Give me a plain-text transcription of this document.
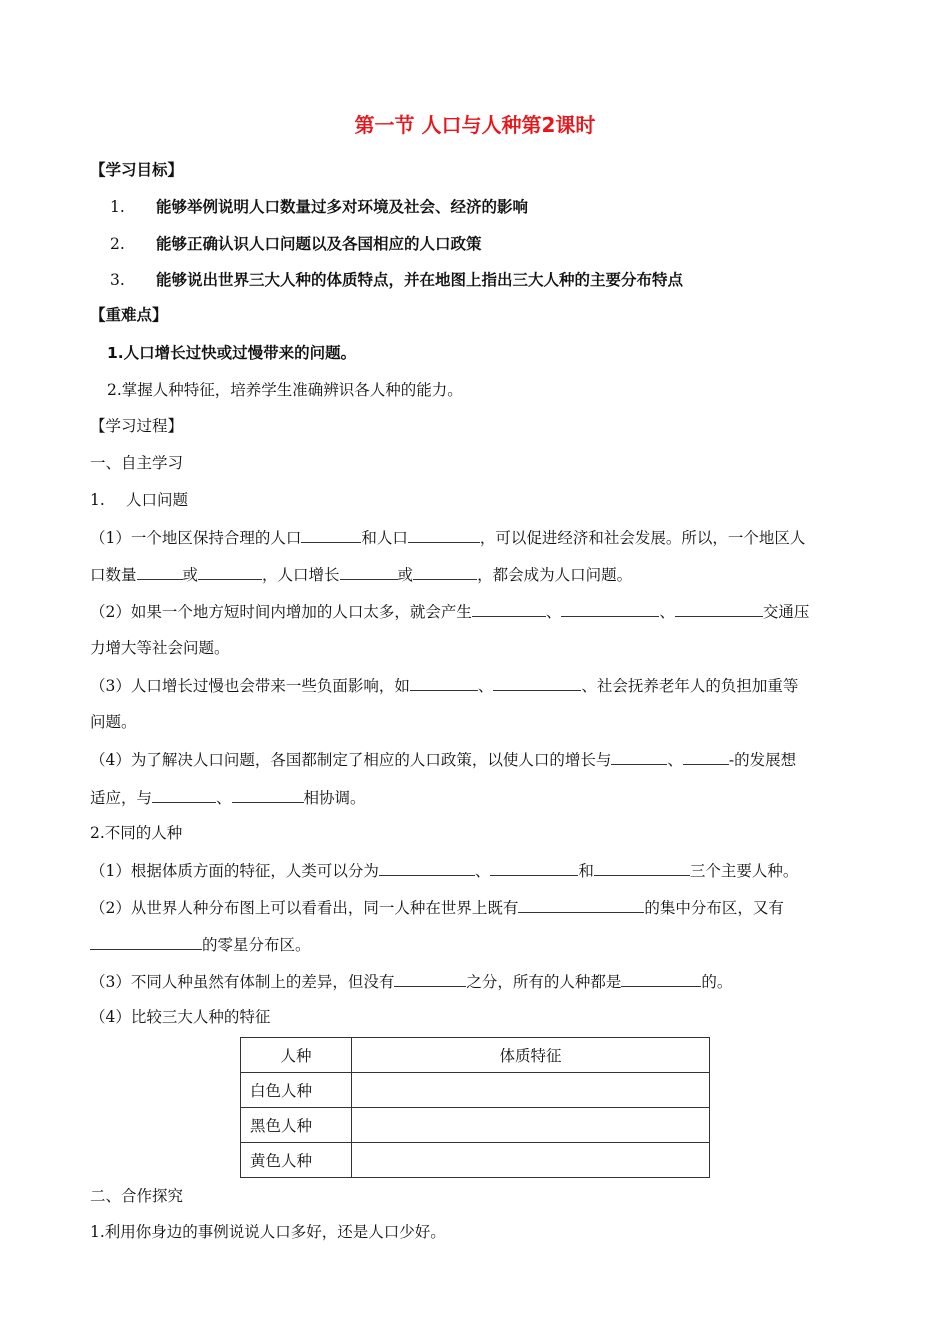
第一节 人口与人种第2课时
【学习目标】
1. 能够举例说明人口数量过多对环境及社会、经济的影响
2. 能够正确认识人口问题以及各国相应的人口政策
3. 能够说出世界三大人种的体质特点，并在地图上指出三大人种的主要分布特点
【重难点】
1.人口增长过快或过慢带来的问题。
2.掌握人种特征，培养学生准确辨识各人种的能力。
【学习过程】
一、自主学习
1. 人口问题
（1）一个地区保持合理的人口	和人口	，可以促进经济和社会发展。所以，一个地区人
口数量	或	，人口增长	或	，都会成为人口问题。
（2）如果一个地方短时间内增加的人口太多，就会产生	、	、	交通压
力增大等社会问题。
（3）人口增长过慢也会带来一些负面影响，如	、	、社会抚养老年人的负担加重等
问题。
（4）为了解决人口问题，各国都制定了相应的人口政策，以使人口的增长与	、	-的发展想
适应，与	、	相协调。
2.不同的人种
（1）根据体质方面的特征，人类可以分为	、	和	三个主要人种。
（2）从世界人种分布图上可以看看出，同一人种在世界上既有	的集中分布区，又有
的零星分布区。
（3）不同人种虽然有体制上的差异，但没有	之分，所有的人种都是	的。
（4）比较三大人种的特征
人种	体质特征
白色人种	
黑色人种	
黄色人种	
二、合作探究
1.利用你身边的事例说说人口多好，还是人口少好。
